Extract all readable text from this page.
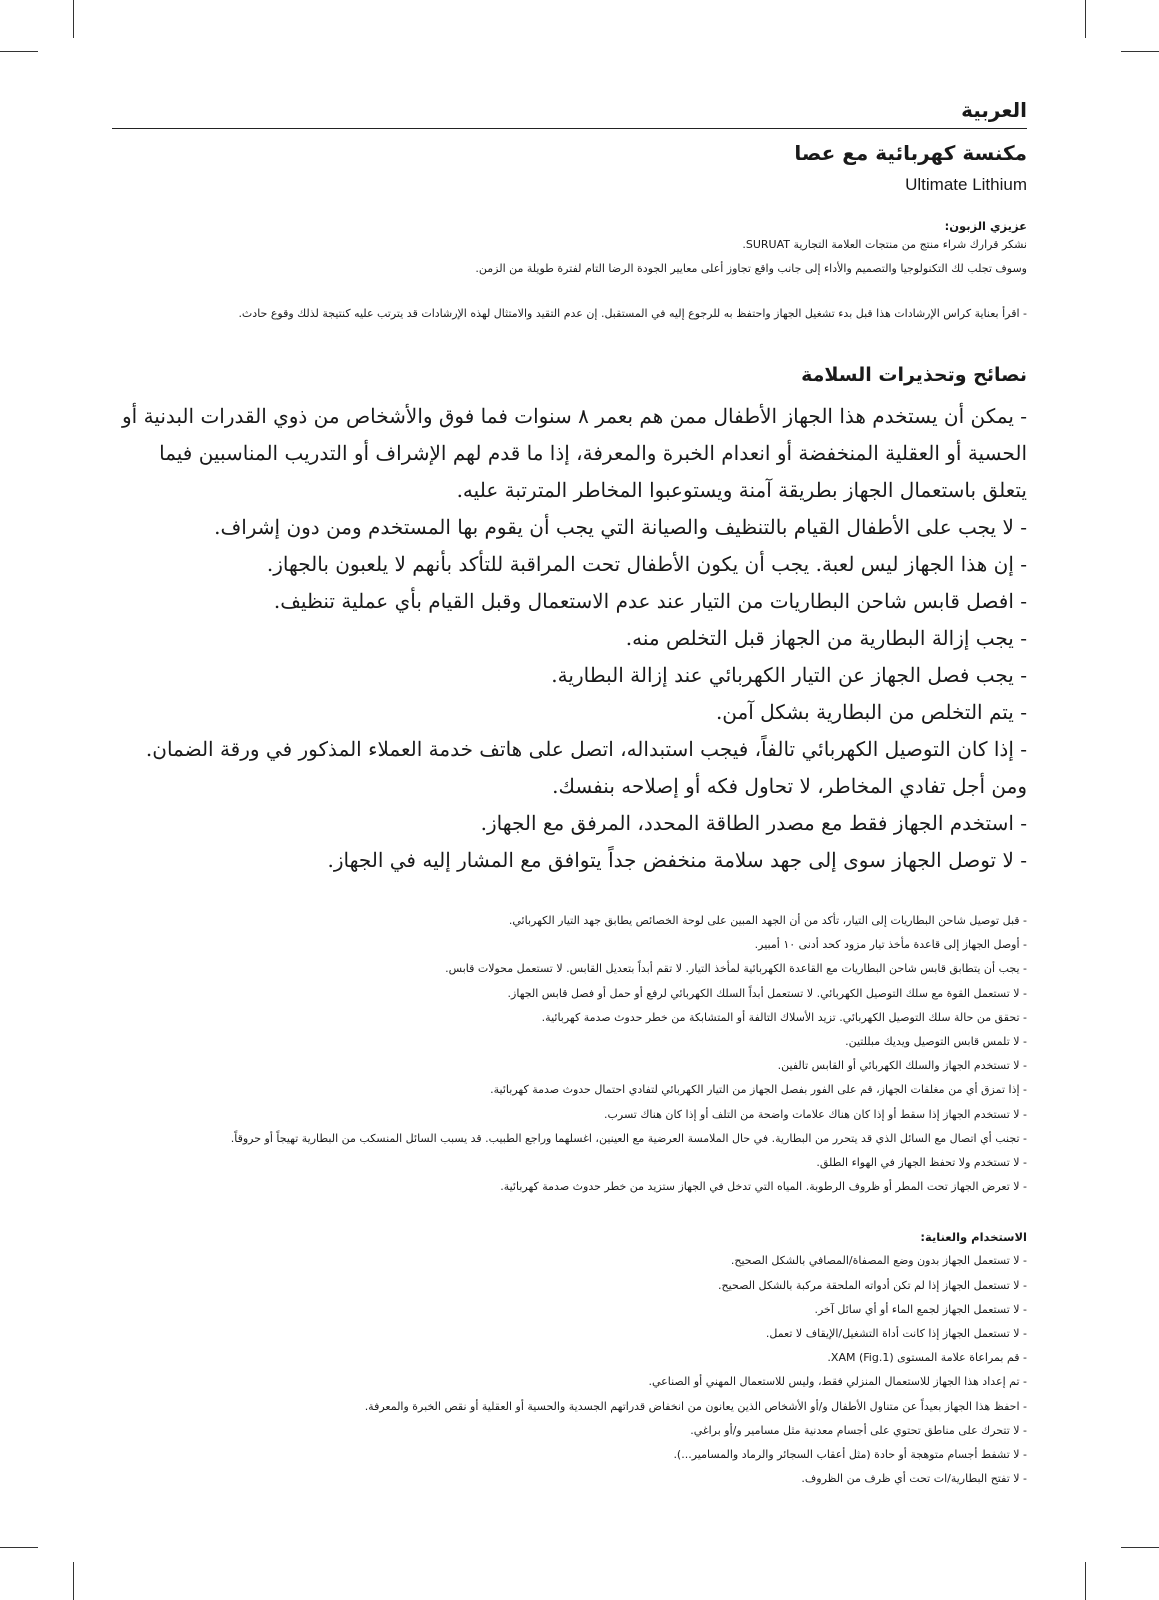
العربية
مكنسة كهربائية مع عصا
Ultimate Lithium
عزيزي الزبون:
نشكر قرارك شراء منتج من منتجات العلامة التجارية SURUAT.
وسوف تجلب لك التكنولوجيا والتصميم والأداء إلى جانب واقع تجاوز أعلى معايير الجودة الرضا التام لفترة طويلة من الزمن.
- اقرأ بعناية كراس الإرشادات هذا قبل بدء تشغيل الجهاز واحتفظ به للرجوع إليه في المستقبل. إن عدم التقيد والامتثال لهذه الإرشادات قد يترتب عليه كنتيجة لذلك وقوع حادث.
نصائح وتحذيرات السلامة

- يمكن أن يستخدم هذا الجهاز الأطفال ممن هم بعمر ٨ سنوات فما فوق والأشخاص من ذوي القدرات البدنية أو الحسية أو العقلية المنخفضة أو انعدام الخبرة والمعرفة، إذا ما قدم لهم الإشراف أو التدريب المناسبين فيما يتعلق باستعمال الجهاز بطريقة آمنة ويستوعبوا المخاطر المترتبة عليه.

- لا يجب على الأطفال القيام بالتنظيف والصيانة التي يجب أن يقوم بها المستخدم ومن دون إشراف.

- إن هذا الجهاز ليس لعبة. يجب أن يكون الأطفال تحت المراقبة للتأكد بأنهم لا يلعبون بالجهاز.

- افصل قابس شاحن البطاريات من التيار عند عدم الاستعمال وقبل القيام بأي عملية تنظيف.

- يجب إزالة البطارية من الجهاز قبل التخلص منه.

- يجب فصل الجهاز عن التيار الكهربائي عند إزالة البطارية.

- يتم التخلص من البطارية بشكل آمن.

- إذا كان التوصيل الكهربائي تالفاً، فيجب استبداله، اتصل على هاتف خدمة العملاء المذكور في ورقة الضمان. ومن أجل تفادي المخاطر، لا تحاول فكه أو إصلاحه بنفسك.

- استخدم الجهاز فقط مع مصدر الطاقة المحدد، المرفق مع الجهاز.

- لا توصل الجهاز سوى إلى جهد سلامة منخفض جداً يتوافق مع المشار إليه في الجهاز.

- قبل توصيل شاحن البطاريات إلى التيار، تأكد من أن الجهد المبين على لوحة الخصائص يطابق جهد التيار الكهربائي.

- أوصل الجهاز إلى قاعدة مأخذ تيار مزود كحد أدنى ١٠ أمبير.

- يجب أن يتطابق قابس شاحن البطاريات مع القاعدة الكهربائية لمأخذ التيار. لا تقم أبداً بتعديل القابس. لا تستعمل محولات قابس.

- لا تستعمل القوة مع سلك التوصيل الكهربائي. لا تستعمل أبداً السلك الكهربائي لرفع أو حمل أو فصل قابس الجهاز.

- تحقق من حالة سلك التوصيل الكهربائي. تزيد الأسلاك التالفة أو المتشابكة من خطر حدوث صدمة كهربائية.

- لا تلمس قابس التوصيل ويديك مبللتين.

- لا تستخدم الجهاز والسلك الكهربائي أو القابس تالفين.

- إذا تمزق أي من مغلفات الجهاز، قم على الفور بفصل الجهاز من التيار الكهربائي لتفادي احتمال حدوث صدمة كهربائية.

- لا تستخدم الجهاز إذا سقط أو إذا كان هناك علامات واضحة من التلف أو إذا كان هناك تسرب.

- تجنب أي اتصال مع السائل الذي قد يتحرر من البطارية. في حال الملامسة العرضية مع العينين، اغسلهما وراجع الطبيب. قد يسبب السائل المنسكب من البطارية تهيجاً أو حروقاً.

- لا تستخدم ولا تحفظ الجهاز في الهواء الطلق.

- لا تعرض الجهاز تحت المطر أو ظروف الرطوبة. المياه التي تدخل في الجهاز ستزيد من خطر حدوث صدمة كهربائية.

الاستخدام والعناية:

- لا تستعمل الجهاز بدون وضع المصفاة/المصافي بالشكل الصحيح.

- لا تستعمل الجهاز إذا لم تكن أدواته الملحقة مركبة بالشكل الصحيح.

- لا تستعمل الجهاز لجمع الماء أو أي سائل آخر.

- لا تستعمل الجهاز إذا كانت أداة التشغيل/الإيقاف لا تعمل.

- قم بمراعاة علامة المستوى XAM (Fig.1).

- تم إعداد هذا الجهاز للاستعمال المنزلي فقط، وليس للاستعمال المهني أو الصناعي.

- احفظ هذا الجهاز بعيداً عن متناول الأطفال و/أو الأشخاص الذين يعانون من انخفاض قدراتهم الجسدية والحسية أو العقلية أو نقص الخبرة والمعرفة.

- لا تتحرك على مناطق تحتوي على أجسام معدنية مثل مسامير و/أو براغي.

- لا تشفط أجسام متوهجة أو حادة (مثل أعقاب السجائر والرماد والمسامير...).

- لا تفتح البطارية/ات تحت أي ظرف من الظروف.
